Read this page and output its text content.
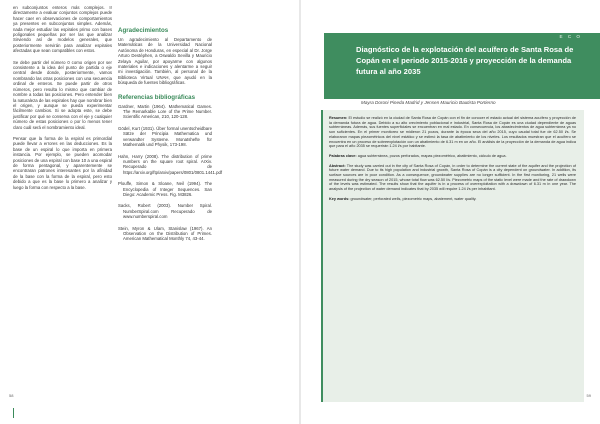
en subconjuntos enteros más complejos. Ir directamente a evaluar conjuntos complejos puede hacer caer en observaciones de comportamientos ya presentes en subconjuntos simples. Además, nada mejor estudiar las espirales primo con bases poligonales pequeñas por ser las que analizar Sirviendo así de modelos generales, que posteriormente servirán para analizar espirales afectadas que sean compatibles con estos.

Se debe partir del número 0 como origen por ser consistente a la idea del punto de partida o eje central desde donde, posteriormente, vamos nombrando las otras posiciones con una secuencia ordinal de enteros. Se puede partir de otros números, pero resulta lo mismo que cambiar de nombre a todas las posiciones. Pero entender bien la naturaleza de las espirales hay que nombrar bien el origen, y aunque se pueda experimentar fácilmente cambios. Si se adopta este, se debe justificar por qué se conserva con el eje y cualquier número de estas posiciones o por lo menos tener claro cuál será el nombramiento ideal.

Pensar que la forma de la espiral es primordial puede llevar a errores en las deducciones. Es la base de un espiral lo que importa en primera instancia. Por ejemplo, se pueden acomodar posiciones de una espiral con base 10 a una espiral de forma pentagonal, y aparentemente se encontraran patrones interesantes por la afinidad de la base con la forma de la espiral, pero esto debido a que es la base lo primero a analizar y luego la forma con respecto a la base.

Agradecimientos

Un agradecimiento al Departamento de Matemáticas de la Universidad Nacional Autónoma de Honduras, en especial al Dr. Jorge Arturo Destéphen, a Oswaldo Sevilla y Mauricio Zelaya Aguilar, por apoyarme con algunos materiales e indicaciones y alentarme a seguir mi investigación. También, al personal de la Biblioteca Virtual UNAH, que ayudó en la búsqueda de fuentes bibliográficas.

Referencias bibliográficas

Gardner, Martin (1964). Mathematical Games. The Remarkable Lore of the Prime Number. Scientific American, 210, 120-128.

Gödel, Kurt (1931). Über formal unentscheidbare Sätze der Principia Mathematica und verwandter Systeme. Monatshefte für Mathematik und Physik, 173-198.

Hahn, Harry (2008). The distribution of prime numbers on the square root spiral. ArXiv. Recuperado de https://arxiv.org/ftp/arxiv/papers/0801/0801.1441.pdf

Plouffe, Simon & Sloane, Neil (1994). The Encyclopedia of Integer Sequences. San Diego: Academic Press. Fig. M3826.

Sacks, Robert (2003). Number Spiral. NumberSpiral.com Recuperado de www.numberspiral.com

Stein, Myron & Ulam, Stanislaw (1967). An Observation on the Distribution of Primes. American Mathematical Monthly 74, 43-44.

58
E C O
Diagnóstico de la explotación del acuífero de Santa Rosa de Copán en el periodo 2015-2016 y proyección de la demanda futura al año 2035
Mayra Doroni Pineda Madrid y Jensen Mauricio Bautista Portierno

Resumen: El estudio se realizó en la ciudad de Santa Rosa de Copán con el fin de conocer el estado actual del sistema acuífero y proyección de la demanda futura de agua. Debido a su alto crecimiento poblacional e industrial, Santa Rosa de Copán es una ciudad dependiente de aguas subterráneas. Además, sus fuentes superficiales se encuentran en mal estado. En consecuencia, los abastecimientos de agua subterránea ya no son suficientes. En el primer monitoreo se midieron 21 pozos, durante la época seca del año 2015, cuyo caudal total fue de 62.50 l/s. Se elaboraron mapas piezométricos del nivel estático y se estimó la tasa de abatimiento de los niveles. Los resultados muestran que el acuífero se encuentra en un proceso de sobreexplotación con un abatimiento de 6.31 m en un año. El análisis de la proyección de la demanda de agua indica que para el año 2035 se requerirán 1.24 l/s por habitante.

Palabras clave: agua subterránea, pozos perforados, mapas piezométrico, abatimiento, cálculo de agua.

Abstract: The study was carried out in the city of Santa Rosa of Copán, in order to determine the current state of the aquifer and the projection of future water demand. Due to its high population and industrial growth, Santa Rosa of Copán is a city dependent on groundwater. In addition, its surface sources are in poor condition. As a consequence, groundwater supplies are no longer sufficient. In the first monitoring, 21 wells were measured during the dry season of 2015, whose total flow was 62.50 l/s. Piezometric maps of the static level were made and the rate of drawdown of the levels was estimated. The results show that the aquifer is in a process of overexploitation with a drawdown of 6.31 m in one year. The analysis of the projection of water demand indicates that by 2035 will require 1.24 l/s per inhabitant.

Key words: groundwater, perforated wells, piezometric maps, abatement, water quality.

59
